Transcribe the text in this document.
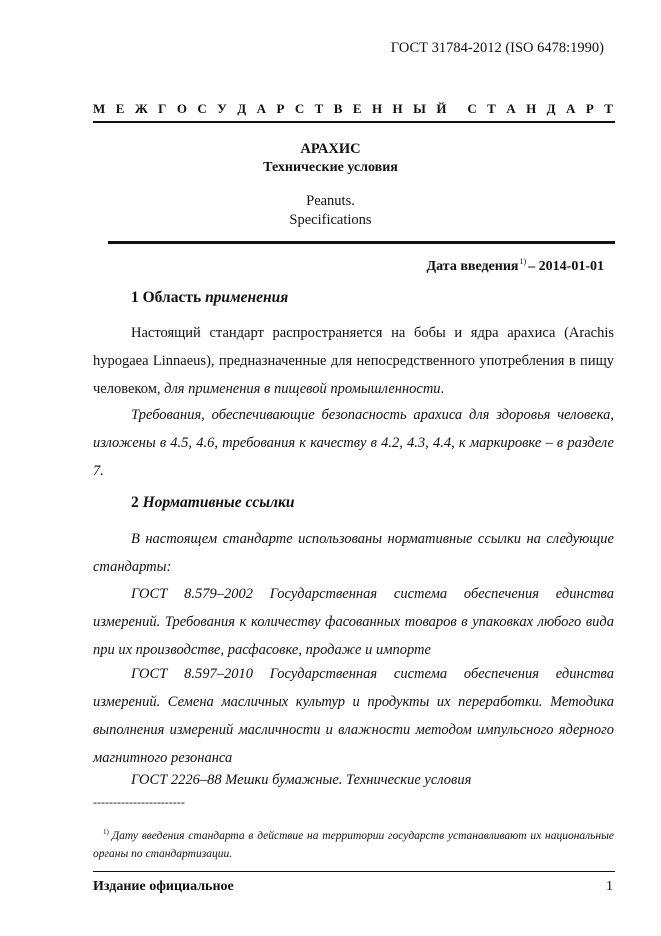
ГОСТ 31784-2012 (ISO 6478:1990)
М Е Ж Г О С У Д А Р С Т В Е Н Н Ы Й С Т А Н Д А Р Т
АРАХИС
Технические условия
Peanuts.
Specifications
Дата введения$^{1)}$ – 2014-01-01
1 Область применения

Настоящий стандарт распространяется на бобы и ядра арахиса (Arachis hypogaea Linnaeus), предназначенные для непосредственного употребления в пищу человеком, для применения в пищевой промышленности.

Требования, обеспечивающие безопасность арахиса для здоровья человека, изложены в 4.5, 4.6, требования к качеству в 4.2, 4.3, 4.4, к маркировке – в разделе 7.

2 Нормативные ссылки

В настоящем стандарте использованы нормативные ссылки на следующие стандарты:

ГОСТ 8.579–2002 Государственная система обеспечения единства измерений. Требования к количеству фасованных товаров в упаковках любого вида при их производстве, расфасовке, продаже и импорте

ГОСТ 8.597–2010 Государственная система обеспечения единства измерений. Семена масличных культур и продукты их переработки. Методика выполнения измерений масличности и влажности методом импульсного ядерного магнитного резонанса

ГОСТ 2226–88 Мешки бумажные. Технические условия

-----------------------

$^{1)}$ Дату введения стандарта в действие на территории государств устанавливают их национальные органы по стандартизации.

Издание официальное	1
